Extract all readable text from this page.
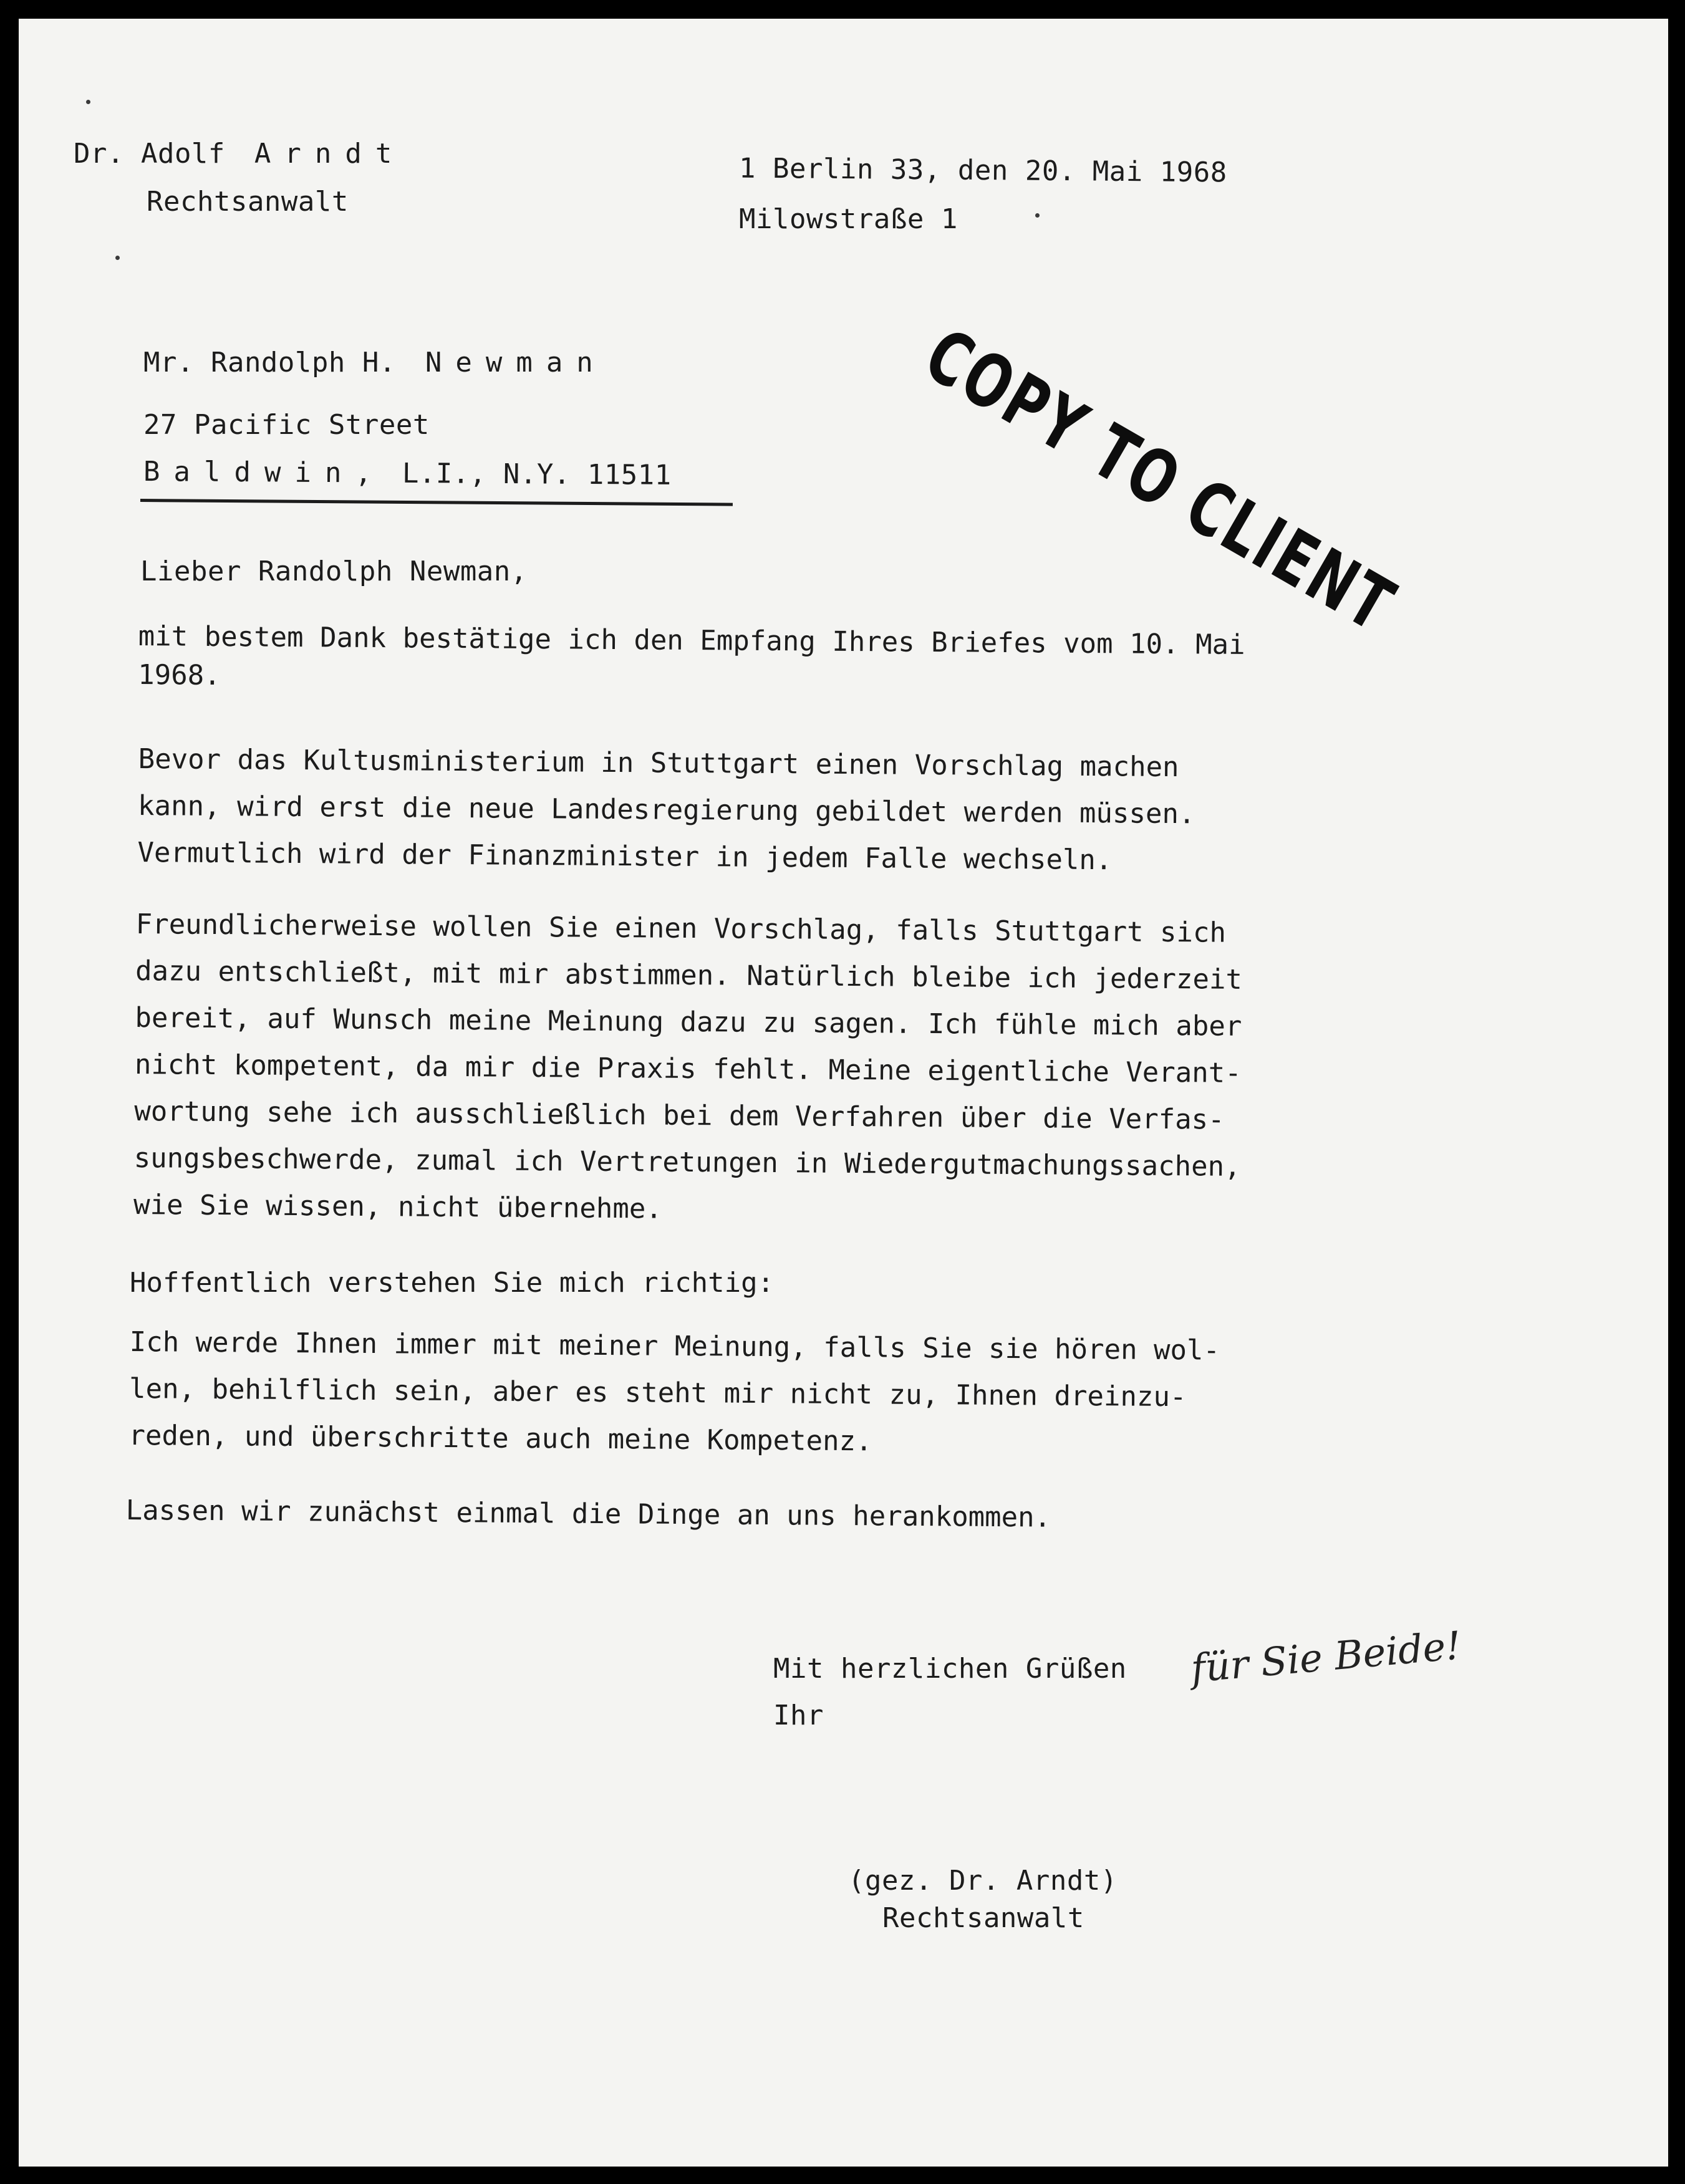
Dr. Adolf Arndt
Rechtsanwalt
1 Berlin 33, den 20. Mai 1968
Milowstraße 1
COPY TO CLIENT
Mr. Randolph H. Newman
27 Pacific Street
Baldwin, L.I., N.Y. 11511
Lieber Randolph Newman,
mit bestem Dank bestätige ich den Empfang Ihres Briefes vom 10. Mai
1968.
Bevor das Kultusministerium in Stuttgart einen Vorschlag machen
kann, wird erst die neue Landesregierung gebildet werden müssen.
Vermutlich wird der Finanzminister in jedem Falle wechseln.
Freundlicherweise wollen Sie einen Vorschlag, falls Stuttgart sich
dazu entschließt, mit mir abstimmen. Natürlich bleibe ich jederzeit
bereit, auf Wunsch meine Meinung dazu zu sagen. Ich fühle mich aber
nicht kompetent, da mir die Praxis fehlt. Meine eigentliche Verant-
wortung sehe ich ausschließlich bei dem Verfahren über die Verfas-
sungsbeschwerde, zumal ich Vertretungen in Wiedergutmachungssachen,
wie Sie wissen, nicht übernehme.
Hoffentlich verstehen Sie mich richtig:
Ich werde Ihnen immer mit meiner Meinung, falls Sie sie hören wol-
len, behilflich sein, aber es steht mir nicht zu, Ihnen dreinzu-
reden, und überschritte auch meine Kompetenz.
Lassen wir zunächst einmal die Dinge an uns herankommen.
Mit herzlichen Grüßen für Sie Beide!
Ihr
(gez. Dr. Arndt)
Rechtsanwalt
